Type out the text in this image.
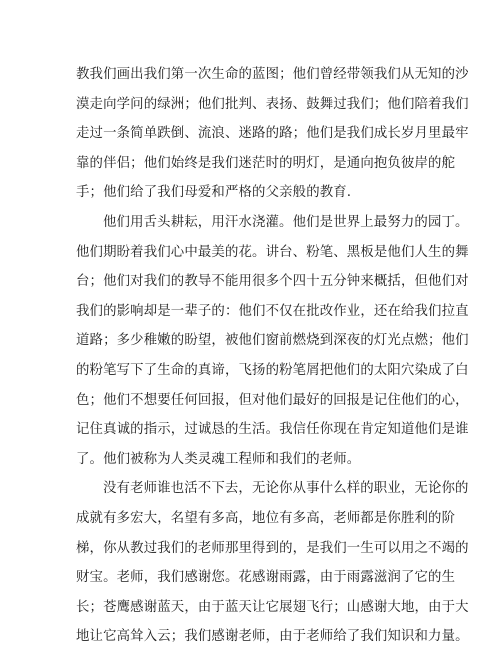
教我们画出我们第一次生命的蓝图；他们曾经带领我们从无知的沙
漠走向学问的绿洲；他们批判、表扬、鼓舞过我们；他们陪着我们
走过一条简单跌倒、流浪、迷路的路；他们是我们成长岁月里最牢
靠的伴侣；他们始终是我们迷茫时的明灯，是通向抱负彼岸的舵
手；他们给了我们母爱和严格的父亲般的教育.
他们用舌头耕耘，用汗水浇灌。他们是世界上最努力的园丁。
他们期盼着我们心中最美的花。讲台、粉笔、黑板是他们人生的舞
台；他们对我们的教导不能用很多个四十五分钟来概括，但他们对
我们的影响却是一辈子的：他们不仅在批改作业，还在给我们拉直
道路；多少稚嫩的盼望，被他们窗前燃烧到深夜的灯光点燃；他们
的粉笔写下了生命的真谛，飞扬的粉笔屑把他们的太阳穴染成了白
色；他们不想要任何回报，但对他们最好的回报是记住他们的心，
记住真诚的指示，过诚恳的生活。我信任你现在肯定知道他们是谁
了。他们被称为人类灵魂工程师和我们的老师。
没有老师谁也活不下去，无论你从事什么样的职业，无论你的
成就有多宏大，名望有多高，地位有多高，老师都是你胜利的阶
梯，你从教过我们的老师那里得到的，是我们一生可以用之不竭的
财宝。老师，我们感谢您。花感谢雨露，由于雨露滋润了它的生
长；苍鹰感谢蓝天，由于蓝天让它展翅飞行；山感谢大地，由于大
地让它高耸入云；我们感谢老师，由于老师给了我们知识和力量。
